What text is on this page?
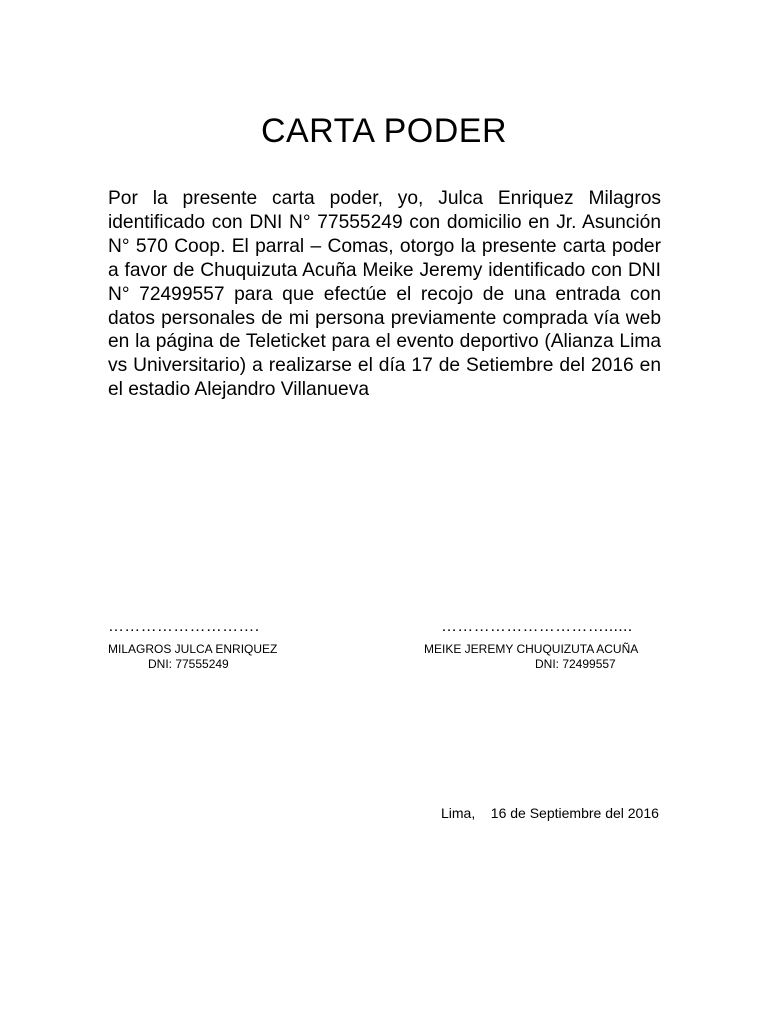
CARTA PODER

Por la presente carta poder, yo, Julca Enriquez Milagros identificado con DNI N° 77555249 con domicilio en Jr. Asunción N° 570 Coop. El parral – Comas, otorgo la presente carta poder a favor de Chuquizuta Acuña Meike Jeremy identificado con DNI N° 72499557 para que efectúe el recojo de una entrada con datos personales de mi persona previamente comprada vía web en la página de Teleticket para el evento deportivo (Alianza Lima vs Universitario) a realizarse el día 17 de Setiembre del 2016 en el estadio Alejandro Villanueva

……………………….	…………………………......
MILAGROS JULCA ENRIQUEZ
DNI: 77555249
MEIKE JEREMY CHUQUIZUTA ACUÑA
DNI: 72499557
Lima,    16 de Septiembre del 2016
